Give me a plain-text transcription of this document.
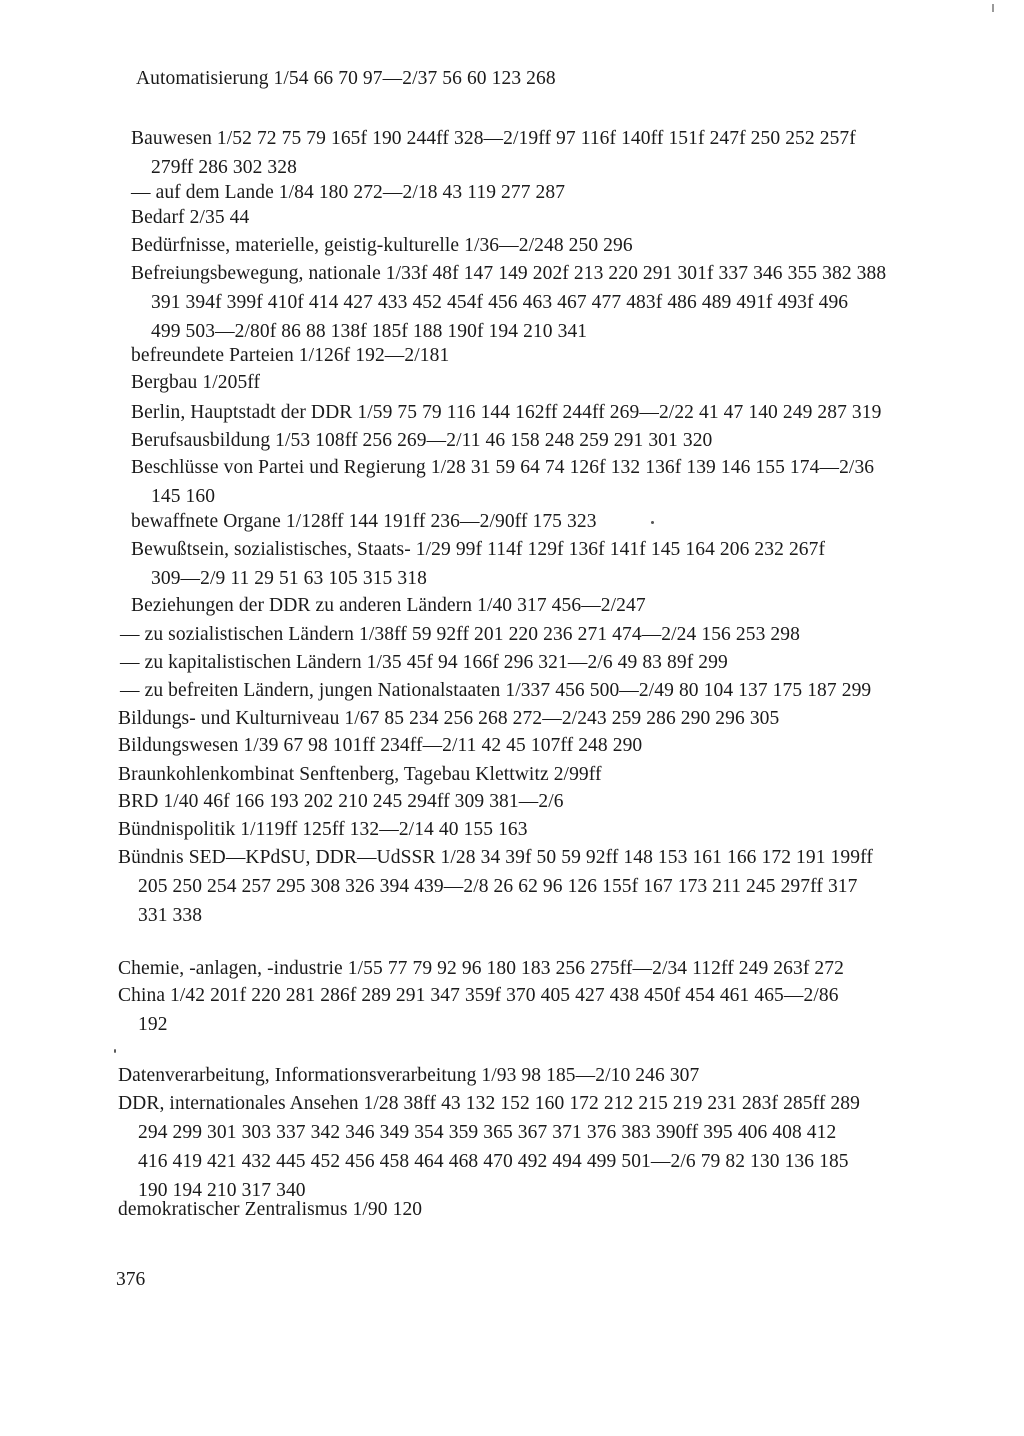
Automatisierung 1/54 66 70 97—2/37 56 60 123 268
Bauwesen 1/52 72 75 79 165f 190 244ff 328—2/19ff 97 116f 140ff 151f 247f 250 252 257f
279ff 286 302 328
— auf dem Lande 1/84 180 272—2/18 43 119 277 287
Bedarf 2/35 44
Bedürfnisse, materielle, geistig-kulturelle 1/36—2/248 250 296
Befreiungsbewegung, nationale 1/33f 48f 147 149 202f 213 220 291 301f 337 346 355 382 388
391 394f 399f 410f 414 427 433 452 454f 456 463 467 477 483f 486 489 491f 493f 496
499 503—2/80f 86 88 138f 185f 188 190f 194 210 341
befreundete Parteien 1/126f 192—2/181
Bergbau 1/205ff
Berlin, Hauptstadt der DDR 1/59 75 79 116 144 162ff 244ff 269—2/22 41 47 140 249 287 319
Berufsausbildung 1/53 108ff 256 269—2/11 46 158 248 259 291 301 320
Beschlüsse von Partei und Regierung 1/28 31 59 64 74 126f 132 136f 139 146 155 174—2/36
145 160
bewaffnete Organe 1/128ff 144 191ff 236—2/90ff 175 323
Bewußtsein, sozialistisches, Staats- 1/29 99f 114f 129f 136f 141f 145 164 206 232 267f
309—2/9 11 29 51 63 105 315 318
Beziehungen der DDR zu anderen Ländern 1/40 317 456—2/247
— zu sozialistischen Ländern 1/38ff 59 92ff 201 220 236 271 474—2/24 156 253 298
— zu kapitalistischen Ländern 1/35 45f 94 166f 296 321—2/6 49 83 89f 299
— zu befreiten Ländern, jungen Nationalstaaten 1/337 456 500—2/49 80 104 137 175 187 299
Bildungs- und Kulturniveau 1/67 85 234 256 268 272—2/243 259 286 290 296 305
Bildungswesen 1/39 67 98 101ff 234ff—2/11 42 45 107ff 248 290
Braunkohlenkombinat Senftenberg, Tagebau Klettwitz 2/99ff
BRD 1/40 46f 166 193 202 210 245 294ff 309 381—2/6
Bündnispolitik 1/119ff 125ff 132—2/14 40 155 163
Bündnis SED—KPdSU, DDR—UdSSR 1/28 34 39f 50 59 92ff 148 153 161 166 172 191 199ff
205 250 254 257 295 308 326 394 439—2/8 26 62 96 126 155f 167 173 211 245 297ff 317
331 338
Chemie, -anlagen, -industrie 1/55 77 79 92 96 180 183 256 275ff—2/34 112ff 249 263f 272
China 1/42 201f 220 281 286f 289 291 347 359f 370 405 427 438 450f 454 461 465—2/86
192
Datenverarbeitung, Informationsverarbeitung 1/93 98 185—2/10 246 307
DDR, internationales Ansehen 1/28 38ff 43 132 152 160 172 212 215 219 231 283f 285ff 289
294 299 301 303 337 342 346 349 354 359 365 367 371 376 383 390ff 395 406 408 412
416 419 421 432 445 452 456 458 464 468 470 492 494 499 501—2/6 79 82 130 136 185
190 194 210 317 340
demokratischer Zentralismus 1/90 120
376
